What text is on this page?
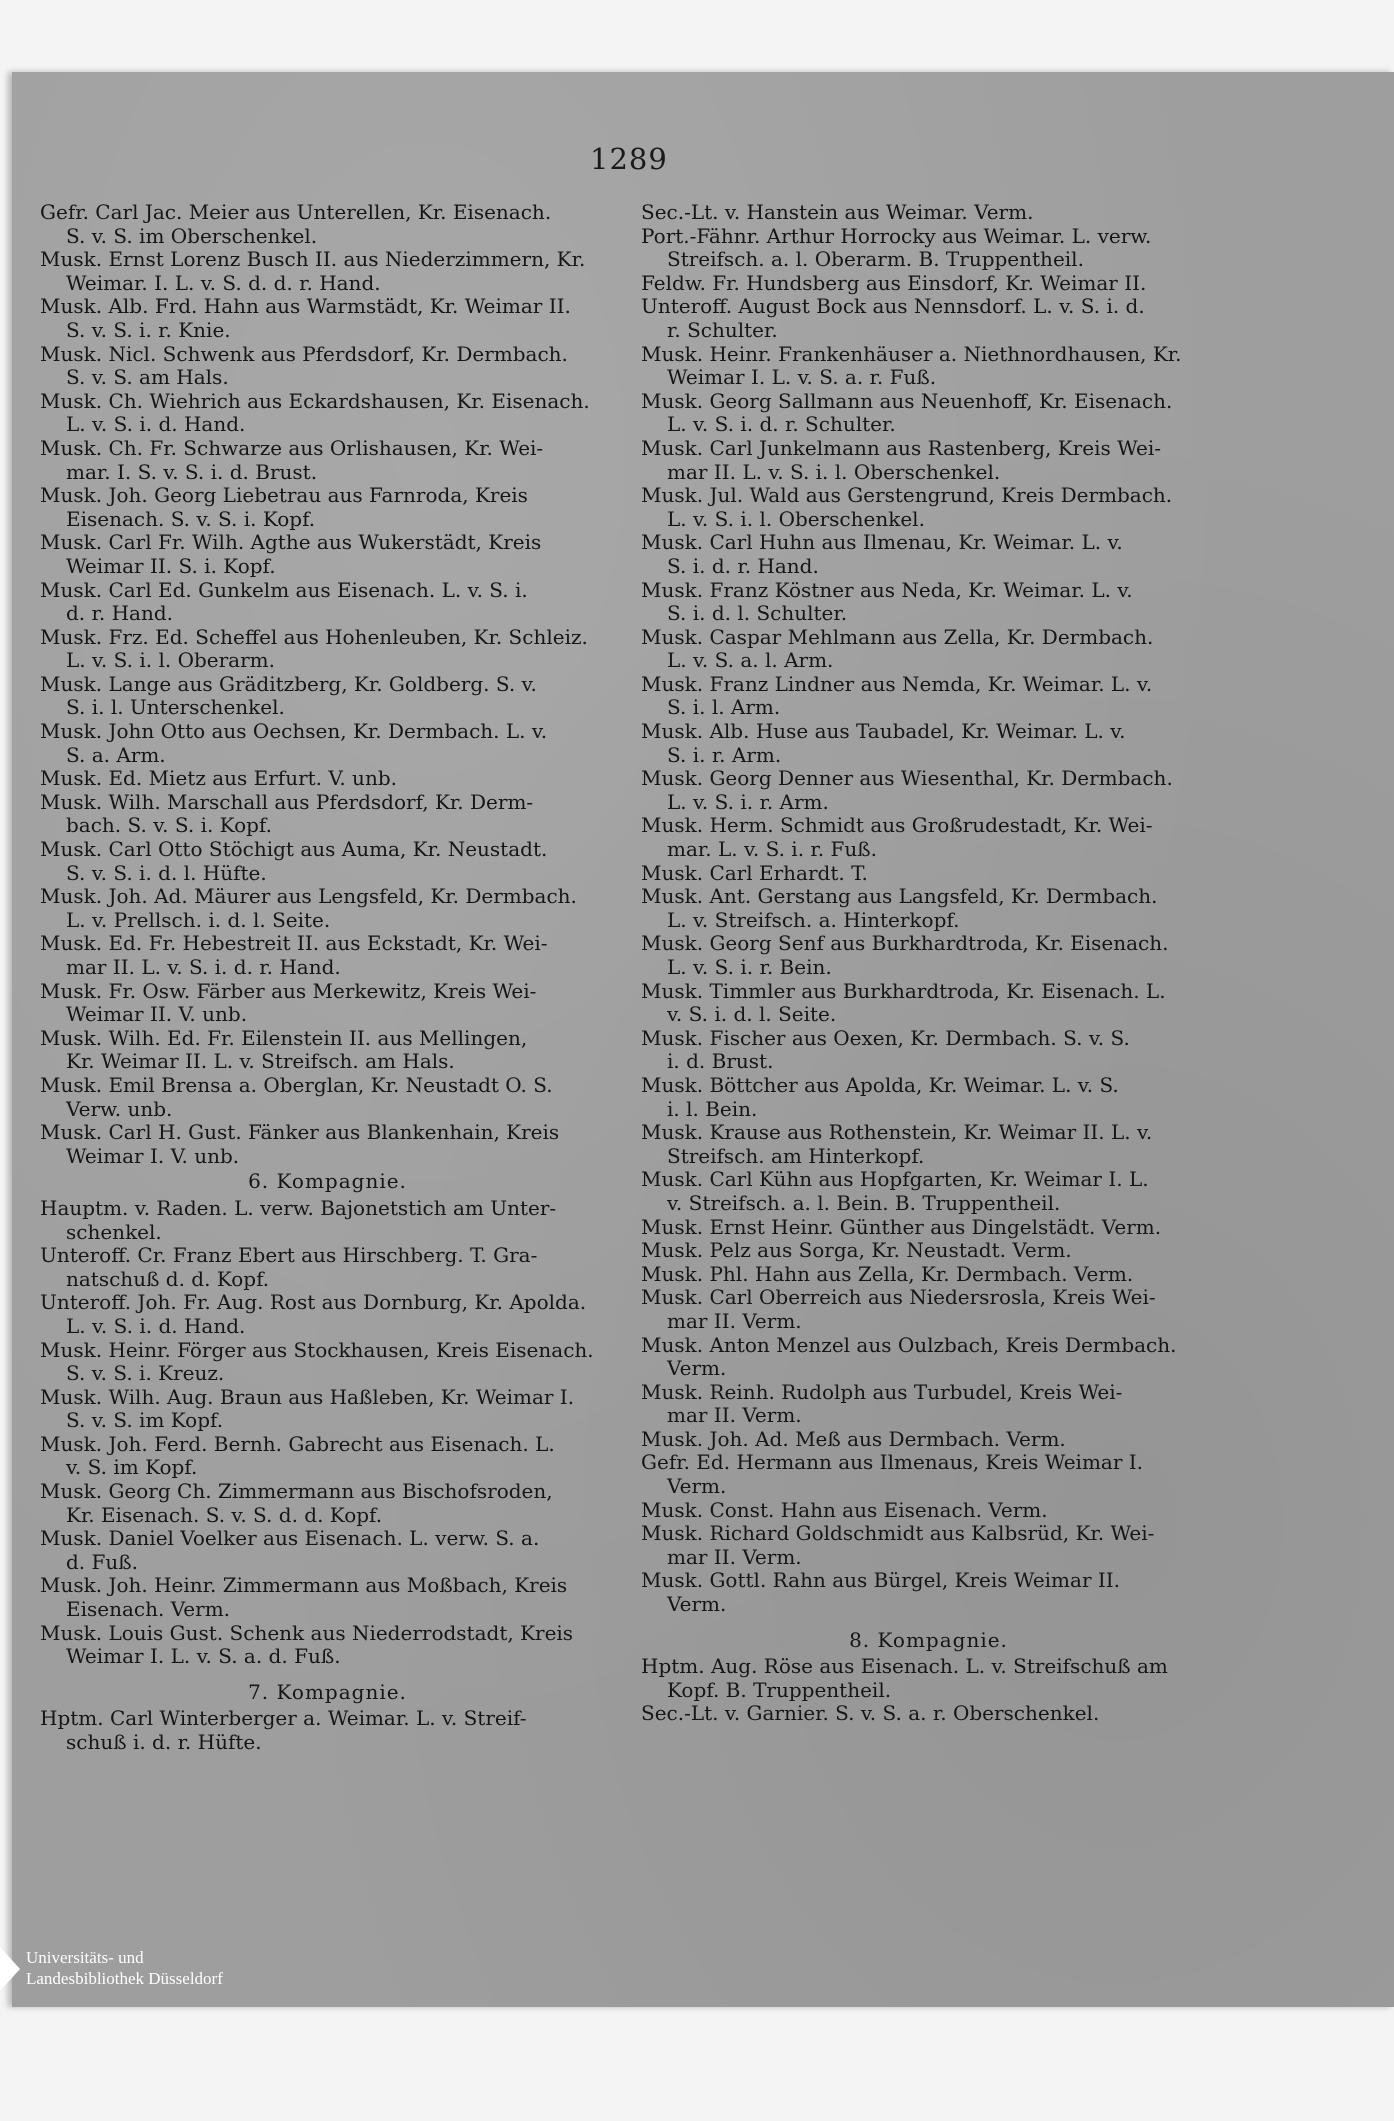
1289
Gefr. Carl Jac. Meier aus Unterellen, Kr. Eisenach.
S. v. S. im Oberschenkel.
Musk. Ernst Lorenz Busch II. aus Niederzimmern, Kr.
Weimar. I. L. v. S. d. d. r. Hand.
Musk. Alb. Frd. Hahn aus Warmstädt, Kr. Weimar II.
S. v. S. i. r. Knie.
Musk. Nicl. Schwenk aus Pferdsdorf, Kr. Dermbach.
S. v. S. am Hals.
Musk. Ch. Wiehrich aus Eckardshausen, Kr. Eisenach.
L. v. S. i. d. Hand.
Musk. Ch. Fr. Schwarze aus Orlishausen, Kr. Wei-
mar. I. S. v. S. i. d. Brust.
Musk. Joh. Georg Liebetrau aus Farnroda, Kreis
Eisenach. S. v. S. i. Kopf.
Musk. Carl Fr. Wilh. Agthe aus Wukerstädt, Kreis
Weimar II. S. i. Kopf.
Musk. Carl Ed. Gunkelm aus Eisenach. L. v. S. i.
d. r. Hand.
Musk. Frz. Ed. Scheffel aus Hohenleuben, Kr. Schleiz.
L. v. S. i. l. Oberarm.
Musk. Lange aus Gräditzberg, Kr. Goldberg. S. v.
S. i. l. Unterschenkel.
Musk. John Otto aus Oechsen, Kr. Dermbach. L. v.
S. a. Arm.
Musk. Ed. Mietz aus Erfurt. V. unb.
Musk. Wilh. Marschall aus Pferdsdorf, Kr. Derm-
bach. S. v. S. i. Kopf.
Musk. Carl Otto Stöchigt aus Aumа, Kr. Neustadt.
S. v. S. i. d. l. Hüfte.
Musk. Joh. Ad. Mäurer aus Lengsfeld, Kr. Dermbach.
L. v. Prellsch. i. d. l. Seite.
Musk. Ed. Fr. Hebestreit II. aus Eckstadt, Kr. Wei-
mar II. L. v. S. i. d. r. Hand.
Musk. Fr. Osw. Färber aus Merkewitz, Kreis Wei-
Weimar II. V. unb.
Musk. Wilh. Ed. Fr. Eilenstein II. aus Mellingen,
Kr. Weimar II. L. v. Streifsch. am Hals.
Musk. Emil Brensa a. Oberglan, Kr. Neustadt O. S.
Verw. unb.
Musk. Carl H. Gust. Fänker aus Blankenhain, Kreis
Weimar I. V. unb.
6. Kompagnie.
Hauptm. v. Raden. L. verw. Bajonetstich am Unter-
schenkel.
Unteroff. Cr. Franz Ebert aus Hirschberg. T. Gra-
natschuß d. d. Kopf.
Unteroff. Joh. Fr. Aug. Rost aus Dornburg, Kr. Apolda.
L. v. S. i. d. Hand.
Musk. Heinr. Förger aus Stockhausen, Kreis Eisenach.
S. v. S. i. Kreuz.
Musk. Wilh. Aug. Braun aus Haßleben, Kr. Weimar I.
S. v. S. im Kopf.
Musk. Joh. Ferd. Bernh. Gabrecht aus Eisenach. L.
v. S. im Kopf.
Musk. Georg Ch. Zimmermann aus Bischofsroden,
Kr. Eisenach. S. v. S. d. d. Kopf.
Musk. Daniel Voelker aus Eisenach. L. verw. S. a.
d. Fuß.
Musk. Joh. Heinr. Zimmermann aus Moßbach, Kreis
Eisenach. Verm.
Musk. Louis Gust. Schenk aus Niederrodstadt, Kreis
Weimar I. L. v. S. a. d. Fuß.
7. Kompagnie.
Hptm. Carl Winterberger a. Weimar. L. v. Streif-
schuß i. d. r. Hüfte.
Sec.-Lt. v. Hanstein aus Weimar. Verm.
Port.-Fähnr. Arthur Horrocky aus Weimar. L. verw.
Streifsch. a. l. Oberarm. B. Truppentheil.
Feldw. Fr. Hundsberg aus Einsdorf, Kr. Weimar II.
Unteroff. August Bock aus Nennsdorf. L. v. S. i. d.
r. Schulter.
Musk. Heinr. Frankenhäuser a. Niethnordhausen, Kr.
Weimar I. L. v. S. a. r. Fuß.
Musk. Georg Sallmann aus Neuenhoff, Kr. Eisenach.
L. v. S. i. d. r. Schulter.
Musk. Carl Junkelmann aus Rastenberg, Kreis Wei-
mar II. L. v. S. i. l. Oberschenkel.
Musk. Jul. Wald aus Gerstengrund, Kreis Dermbach.
L. v. S. i. l. Oberschenkel.
Musk. Carl Huhn aus Ilmenau, Kr. Weimar. L. v.
S. i. d. r. Hand.
Musk. Franz Köstner aus Neda, Kr. Weimar. L. v.
S. i. d. l. Schulter.
Musk. Caspar Mehlmann aus Zella, Kr. Dermbach.
L. v. S. a. l. Arm.
Musk. Franz Lindner aus Nemda, Kr. Weimar. L. v.
S. i. l. Arm.
Musk. Alb. Huse aus Taubadel, Kr. Weimar. L. v.
S. i. r. Arm.
Musk. Georg Denner aus Wiesenthal, Kr. Dermbach.
L. v. S. i. r. Arm.
Musk. Herm. Schmidt aus Großrudestadt, Kr. Wei-
mar. L. v. S. i. r. Fuß.
Musk. Carl Erhardt. T.
Musk. Ant. Gerstang aus Langsfeld, Kr. Dermbach.
L. v. Streifsch. a. Hinterkopf.
Musk. Georg Senf aus Burkhardtroda, Kr. Eisenach.
L. v. S. i. r. Bein.
Musk. Timmler aus Burkhardtroda, Kr. Eisenach. L.
v. S. i. d. l. Seite.
Musk. Fischer aus Oexen, Kr. Dermbach. S. v. S.
i. d. Brust.
Musk. Böttcher aus Apolda, Kr. Weimar. L. v. S.
i. l. Bein.
Musk. Krause aus Rothenstein, Kr. Weimar II. L. v.
Streifsch. am Hinterkopf.
Musk. Carl Kühn aus Hopfgarten, Kr. Weimar I. L.
v. Streifsch. a. l. Bein. B. Truppentheil.
Musk. Ernst Heinr. Günther aus Dingelstädt. Verm.
Musk. Pelz aus Sorga, Kr. Neustadt. Verm.
Musk. Phl. Hahn aus Zella, Kr. Dermbach. Verm.
Musk. Carl Oberreich aus Niedersrosla, Kreis Wei-
mar II. Verm.
Musk. Anton Menzel aus Oulzbach, Kreis Dermbach.
Verm.
Musk. Reinh. Rudolph aus Turbudel, Kreis Wei-
mar II. Verm.
Musk. Joh. Ad. Meß aus Dermbach. Verm.
Gefr. Ed. Hermann aus Ilmenaus, Kreis Weimar I.
Verm.
Musk. Const. Hahn aus Eisenach. Verm.
Musk. Richard Goldschmidt aus Kalbsrüd, Kr. Wei-
mar II. Verm.
Musk. Gottl. Rahn aus Bürgel, Kreis Weimar II.
Verm.
8. Kompagnie.
Hptm. Aug. Röse aus Eisenach. L. v. Streifschuß am
Kopf. B. Truppentheil.
Sec.-Lt. v. Garnier. S. v. S. a. r. Oberschenkel.
Universitäts- und
Landesbibliothek Düsseldorf
